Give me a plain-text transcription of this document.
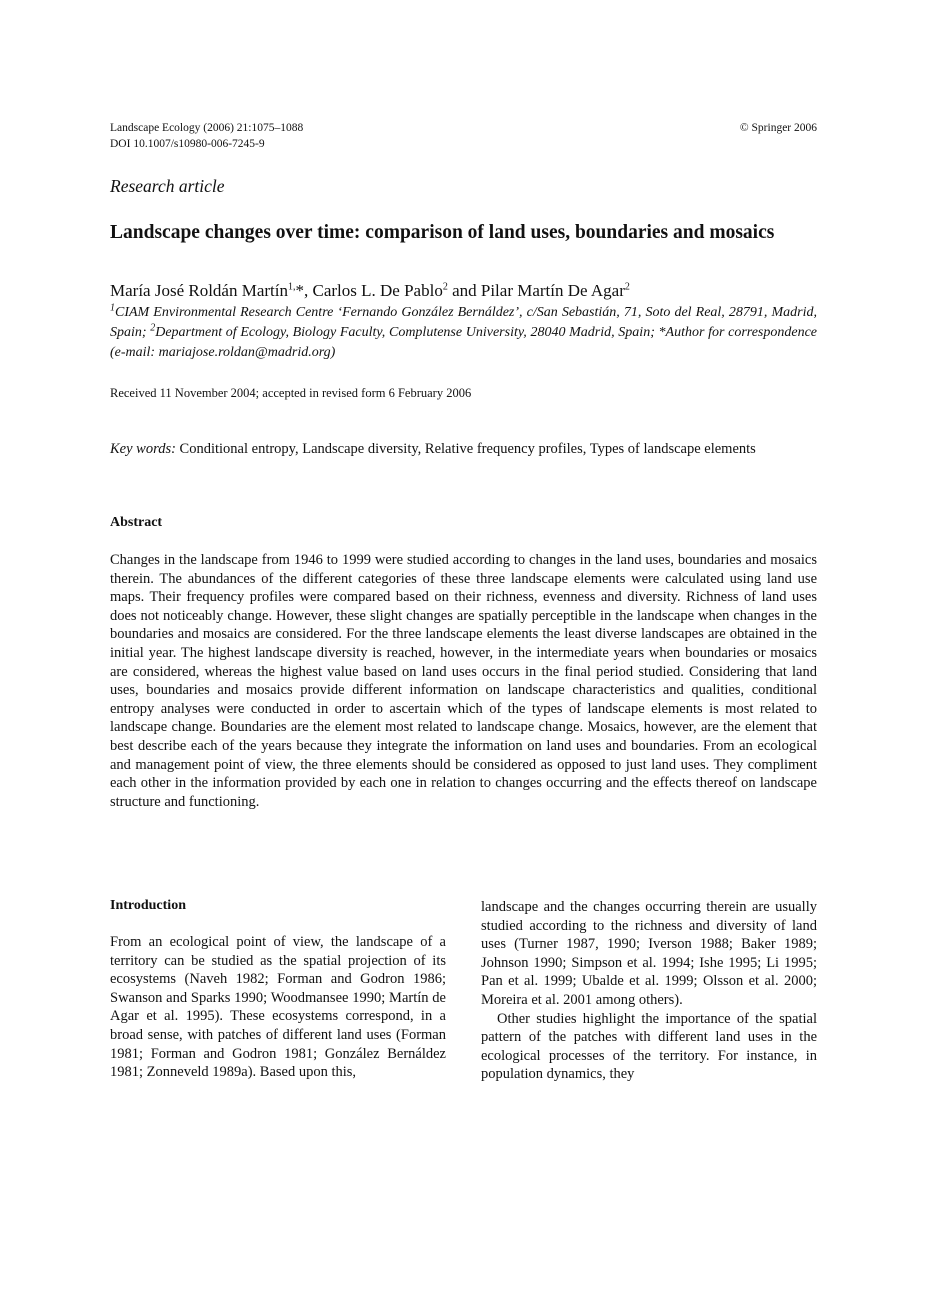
Landscape Ecology (2006) 21:1075–1088
DOI 10.1007/s10980-006-7245-9
© Springer 2006
Research article
Landscape changes over time: comparison of land uses, boundaries and mosaics
María José Roldán Martín$^{1,}$*, Carlos L. De Pablo$^2$ and Pilar Martín De Agar$^2$
$^1$CIAM Environmental Research Centre ‘Fernando González Bernáldez’, c/San Sebastián, 71, Soto del Real, 28791, Madrid, Spain; $^2$Department of Ecology, Biology Faculty, Complutense University, 28040 Madrid, Spain; *Author for correspondence (e-mail: mariajose.roldan@madrid.org)
Received 11 November 2004; accepted in revised form 6 February 2006
Key words: Conditional entropy, Landscape diversity, Relative frequency profiles, Types of landscape elements
Abstract
Changes in the landscape from 1946 to 1999 were studied according to changes in the land uses, boundaries and mosaics therein. The abundances of the different categories of these three landscape elements were calculated using land use maps. Their frequency profiles were compared based on their richness, evenness and diversity. Richness of land uses does not noticeably change. However, these slight changes are spatially perceptible in the landscape when changes in the boundaries and mosaics are considered. For the three landscape elements the least diverse landscapes are obtained in the initial year. The highest landscape diversity is reached, however, in the intermediate years when boundaries or mosaics are considered, whereas the highest value based on land uses occurs in the final period studied. Considering that land uses, boundaries and mosaics provide different information on landscape characteristics and qualities, conditional entropy analyses were conducted in order to ascertain which of the types of landscape elements is most related to landscape change. Boundaries are the element most related to landscape change. Mosaics, however, are the element that best describe each of the years because they integrate the information on land uses and boundaries. From an ecological and management point of view, the three elements should be considered as opposed to just land uses. They compliment each other in the information provided by each one in relation to changes occurring and the effects thereof on landscape structure and functioning.
Introduction

From an ecological point of view, the landscape of a territory can be studied as the spatial projection of its ecosystems (Naveh 1982; Forman and Godron 1986; Swanson and Sparks 1990; Woodmansee 1990; Martín de Agar et al. 1995). These ecosystems correspond, in a broad sense, with patches of different land uses (Forman 1981; Forman and Godron 1981; González Bernáldez 1981; Zonneveld 1989a). Based upon this,

landscape and the changes occurring therein are usually studied according to the richness and diversity of land uses (Turner 1987, 1990; Iverson 1988; Baker 1989; Johnson 1990; Simpson et al. 1994; Ishe 1995; Li 1995; Pan et al. 1999; Ubalde et al. 1999; Olsson et al. 2000; Moreira et al. 2001 among others).

Other studies highlight the importance of the spatial pattern of the patches with different land uses in the ecological processes of the territory. For instance, in population dynamics, they
